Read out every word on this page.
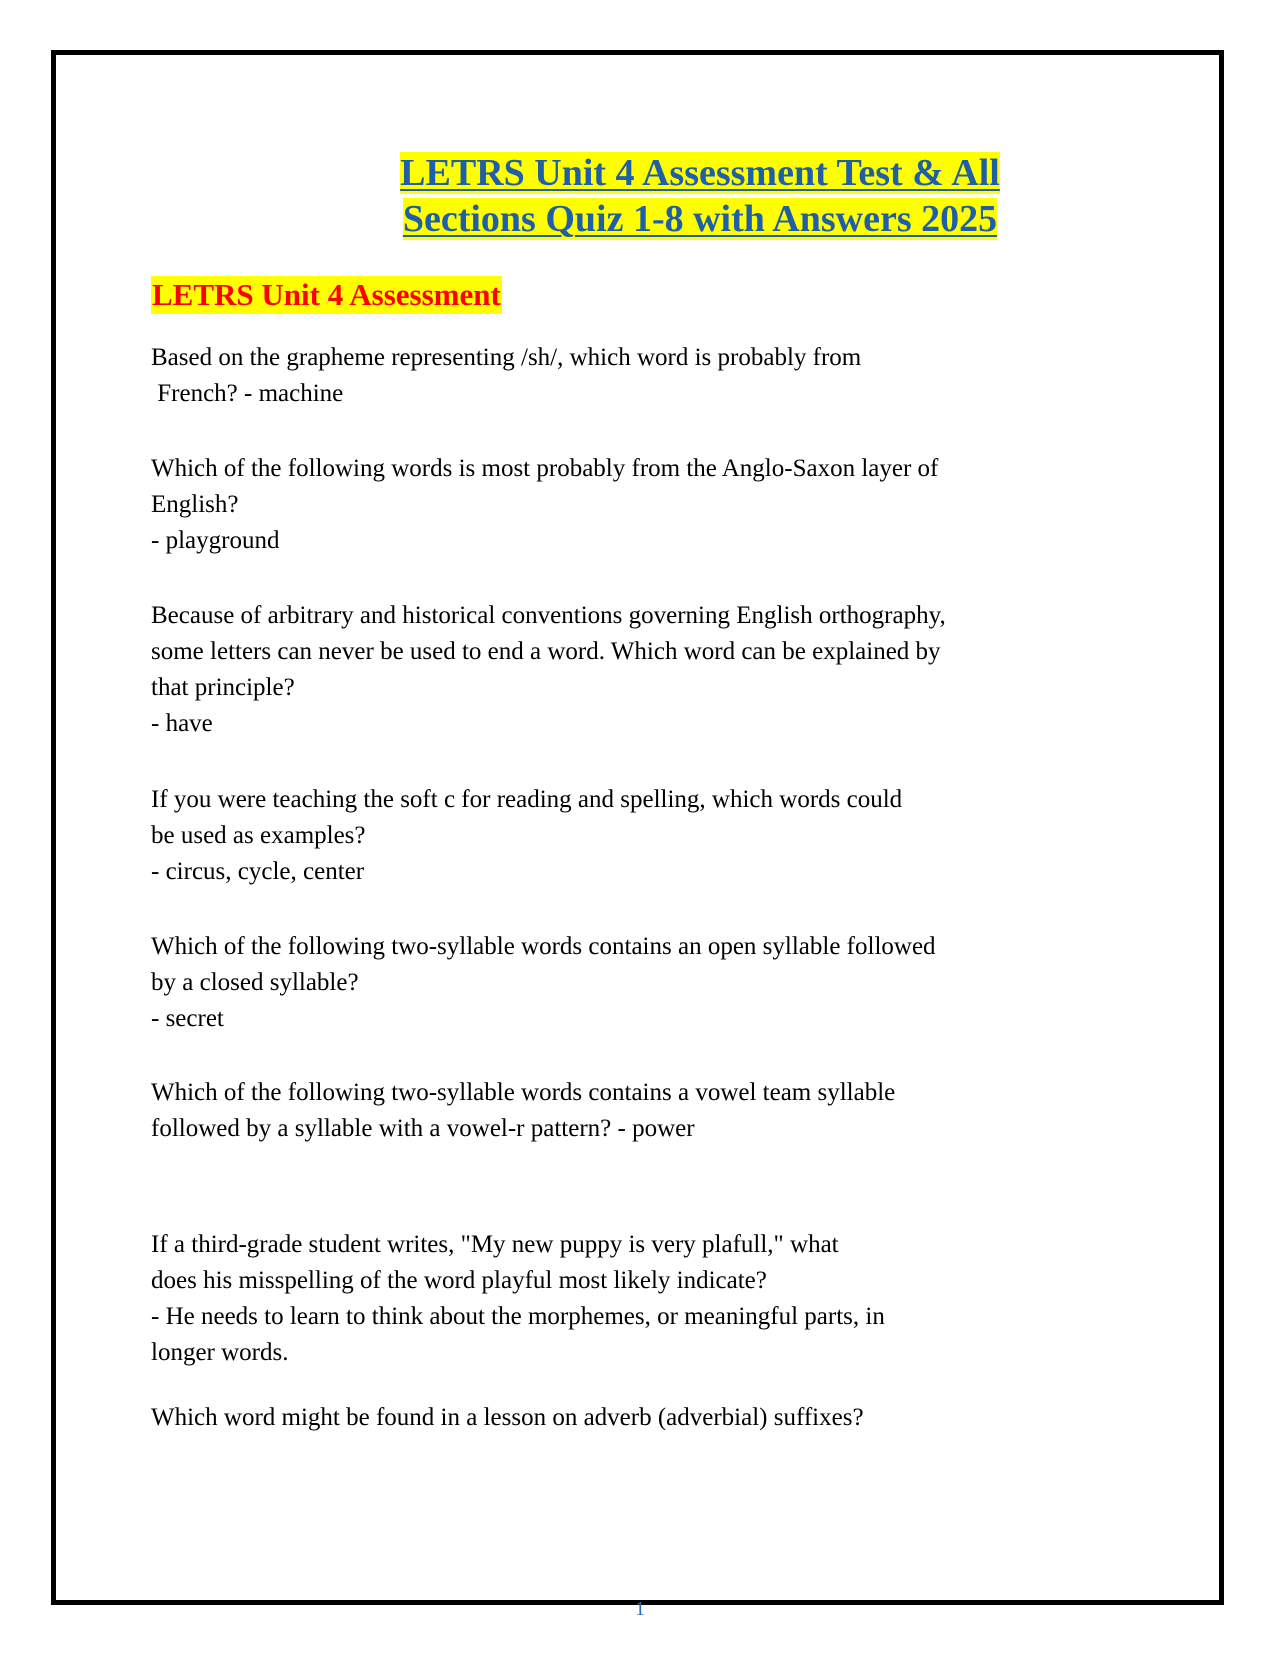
LETRS Unit 4 Assessment Test & All
Sections Quiz 1-8 with Answers 2025
LETRS Unit 4 Assessment
Based on the grapheme representing /sh/, which word is probably from
French? - machine
Which of the following words is most probably from the Anglo-Saxon layer of
English?
- playground
Because of arbitrary and historical conventions governing English orthography,
some letters can never be used to end a word. Which word can be explained by
that principle?
- have
If you were teaching the soft c for reading and spelling, which words could
be used as examples?
- circus, cycle, center
Which of the following two-syllable words contains an open syllable followed
by a closed syllable?
- secret
Which of the following two-syllable words contains a vowel team syllable
followed by a syllable with a vowel-r pattern? - power
If a third-grade student writes, "My new puppy is very plafull," what
does his misspelling of the word playful most likely indicate?
- He needs to learn to think about the morphemes, or meaningful parts, in
longer words.
Which word might be found in a lesson on adverb (adverbial) suffixes?
1
